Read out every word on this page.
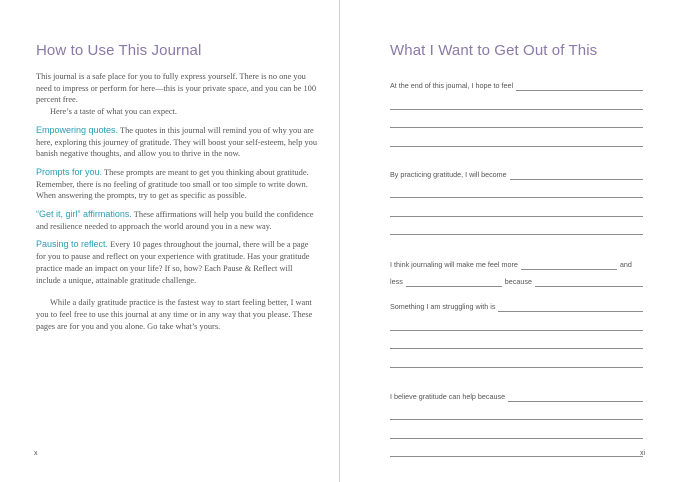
How to Use This Journal

This journal is a safe place for you to fully express yourself. There is no one you need to impress or perform for here—this is your private space, and you can be 100 percent free.

Here’s a taste of what you can expect.

Empowering quotes. The quotes in this journal will remind you of why you are here, exploring this journey of gratitude. They will boost your self-esteem, help you banish negative thoughts, and allow you to thrive in the now.

Prompts for you. These prompts are meant to get you thinking about gratitude. Remember, there is no feeling of gratitude too small or too simple to write down. When answering the prompts, try to get as specific as possible.

“Get it, girl” affirmations. These affirmations will help you build the confidence and resilience needed to approach the world around you in a new way.

Pausing to reflect. Every 10 pages throughout the journal, there will be a page for you to pause and reflect on your experience with gratitude. Has your gratitude practice made an impact on your life? If so, how? Each Pause & Reflect will include a unique, attainable gratitude challenge.

While a daily gratitude practice is the fastest way to start feeling better, I want you to feel free to use this journal at any time or in any way that you please. These pages are for you and you alone. Go take what’s yours.

x
What I Want to Get Out of This
At the end of this journal, I hope to feel
By practicing gratitude, I will become
I think journaling will make me feel more	and
less	because
Something I am struggling with is
I believe gratitude can help because
xi
